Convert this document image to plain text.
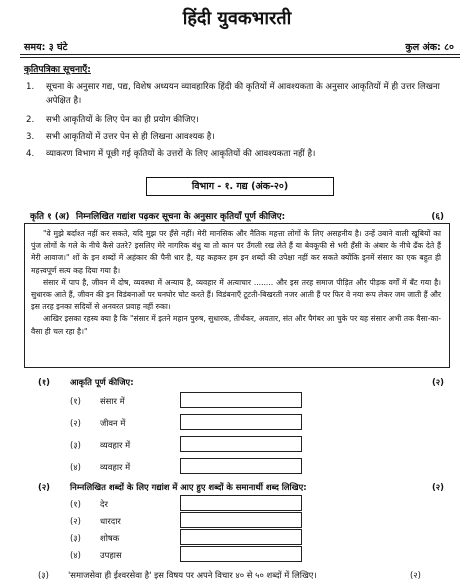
हिंदी युवकभारती
समय: ३ घंटे	कुल अंक: ८०
कृतिपत्रिका सूचनाएँ:
1.	सूचना के अनुसार गद्य, पद्य, विशेष अध्ययन व्यावहारिक हिंदी की कृतियों में आवश्यकता के अनुसार आकृतियों में ही उत्तर लिखना अपेक्षित है।
2.	सभी आकृतियों के लिए पेन का ही प्रयोग कीजिए।
3.	सभी आकृतियों में उत्तर पेन से ही लिखना आवश्यक है।
4.	व्याकरण विभाग में पूछी गई कृतियों के उत्तरों के लिए आकृतियों की आवश्यकता नहीं है।
विभाग - १. गद्य (अंक-२०)
कृति १ (अ) निम्नलिखित गद्यांश पढ़कर सूचना के अनुसार कृतियाँ पूर्ण कीजिए:	(६)

"वे मुझे बर्दाश्त नहीं कर सकते, यदि मुझ पर हँसे नहीं। मेरी मानसिक और नैतिक महत्ता लोगों के लिए असहनीय है। उन्हें उबाने वाली खूबियों का पुंज लोगों के गले के नीचे कैसे उतरे? इसलिए मेरे नागरिक बंधु या तो कान पर उँगली रख लेते हैं या बेवकूफी से भरी हँसी के अंबार के नीचे ढँक देते हैं मेरी आवाज।" शों के इन शब्दों में अहंकार की पैनी धार है, यह कहकर हम इन शब्दों की उपेक्षा नहीं कर सकते क्योंकि इनमें संसार का एक बहुत ही महत्त्वपूर्ण सत्य कह दिया गया है।

संसार में पाप है, जीवन में दोष, व्यवस्था में अन्याय है, व्यवहार में अत्याचार ........ और इस तरह समाज पीड़ित और पीड़क वर्गों में बँट गया है। सुधारक आते हैं, जीवन की इन विडंबनाओं पर घनघोर चोट करते हैं। विडंबनाएँ टूटती-बिखरती नजर आती हैं पर फिर वे नया रूप लेकर जम जाती हैं और इस तरह इनका सदियों से अनवरत प्रवाह नहीं रुका।

आखिर इसका रहस्य क्या है कि "संसार में इतने महान पुरुष, सुधारक, तीर्थंकर, अवतार, संत और पैगंबर आ चुके पर यह संसार अभी तक वैसा-का-वैसा ही चल रहा है।"

(१) आकृति पूर्ण कीजिए:	(२)
(१)	संसार में
(२)	जीवन में
(३)	व्यवहार में
(४)	व्यवहार में
(२) निम्नलिखित शब्दों के लिए गद्यांश में आए हुए शब्दों के समानार्थी शब्द लिखिए:	(२)
(१)	देर
(२)	धारदार
(३)	शोषक
(४)	उपहास
(३)	'समाजसेवा ही ईश्वरसेवा है' इस विषय पर अपने विचार ४० से ५० शब्दों में लिखिए।	(२)
